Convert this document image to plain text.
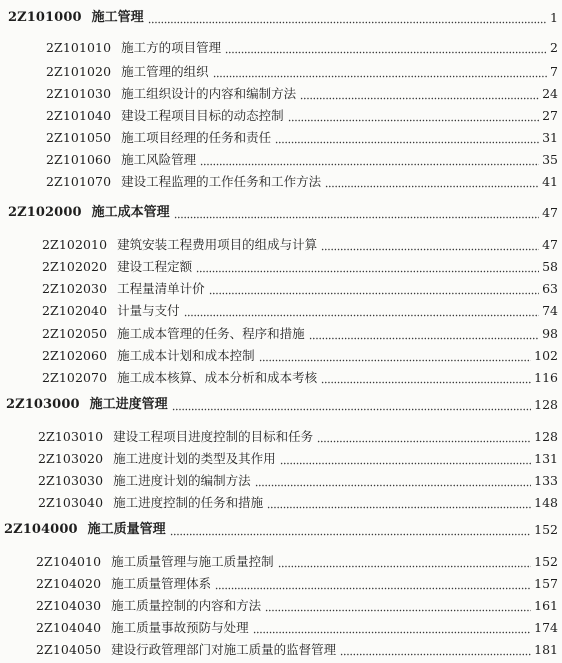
2Z101000 施工管理	1
2Z101010 施工方的项目管理	2
2Z101020 施工管理的组织	7
2Z101030 施工组织设计的内容和编制方法	24
2Z101040 建设工程项目目标的动态控制	27
2Z101050 施工项目经理的任务和责任	31
2Z101060 施工风险管理	35
2Z101070 建设工程监理的工作任务和工作方法	41
2Z102000 施工成本管理	47
2Z102010 建筑安装工程费用项目的组成与计算	47
2Z102020 建设工程定额	58
2Z102030 工程量清单计价	63
2Z102040 计量与支付	74
2Z102050 施工成本管理的任务、程序和措施	98
2Z102060 施工成本计划和成本控制	102
2Z102070 施工成本核算、成本分析和成本考核	116
2Z103000 施工进度管理	128
2Z103010 建设工程项目进度控制的目标和任务	128
2Z103020 施工进度计划的类型及其作用	131
2Z103030 施工进度计划的编制方法	133
2Z103040 施工进度控制的任务和措施	148
2Z104000 施工质量管理	152
2Z104010 施工质量管理与施工质量控制	152
2Z104020 施工质量管理体系	157
2Z104030 施工质量控制的内容和方法	161
2Z104040 施工质量事故预防与处理	174
2Z104050 建设行政管理部门对施工质量的监督管理	181
